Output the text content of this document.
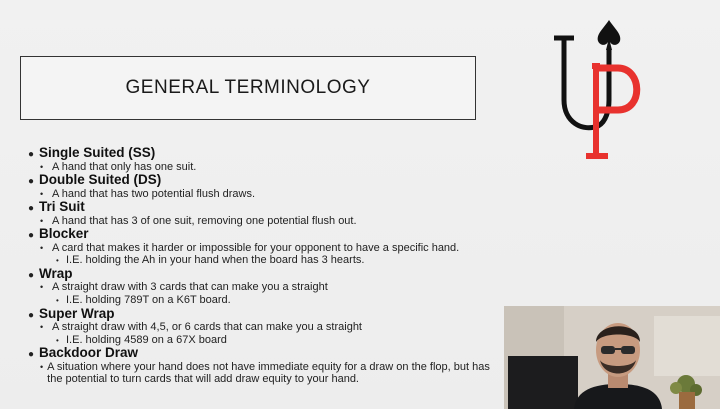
GENERAL TERMINOLOGY
● Single Suited (SS)
• A hand that only has one suit.
● Double Suited (DS)
• A hand that has two potential flush draws.
● Tri Suit
• A hand that has 3 of one suit, removing one potential flush out.
● Blocker
• A card that makes it harder or impossible for your opponent to have a specific hand.
• I.E. holding the Ah in your hand when the board has 3 hearts.
● Wrap
• A straight draw with 3 cards that can make you a straight
• I.E. holding 789T on a K6T board.
● Super Wrap
• A straight draw with 4,5, or 6 cards that can make you a straight
• I.E. holding 4589 on a 67X board
● Backdoor Draw
• A situation where your hand does not have immediate equity for a draw on the flop, but has the potential to turn cards that will add draw equity to your hand.
